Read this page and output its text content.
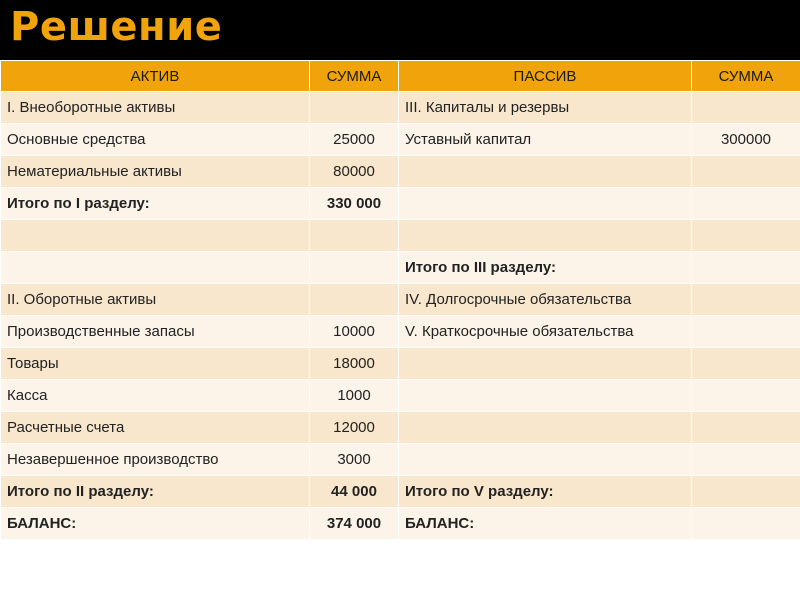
Решение
АКТИВ	СУММА	ПАССИВ	СУММА
I. Внеоборотные активы		III. Капиталы и резервы	
Основные средства	25000	Уставный капитал	300000
Нематериальные активы	80000		
Итого по I разделу:	330 000		

		Итого по III разделу:	
II. Оборотные активы		IV. Долгосрочные обязательства	
Производственные запасы	10000	V. Краткосрочные обязательства	
Товары	18000		
Касса	1000		
Расчетные счета	12000		
Незавершенное производство	3000		
Итого по II разделу:	44 000	Итого по V разделу:	
БАЛАНС:	374 000	БАЛАНС:	
